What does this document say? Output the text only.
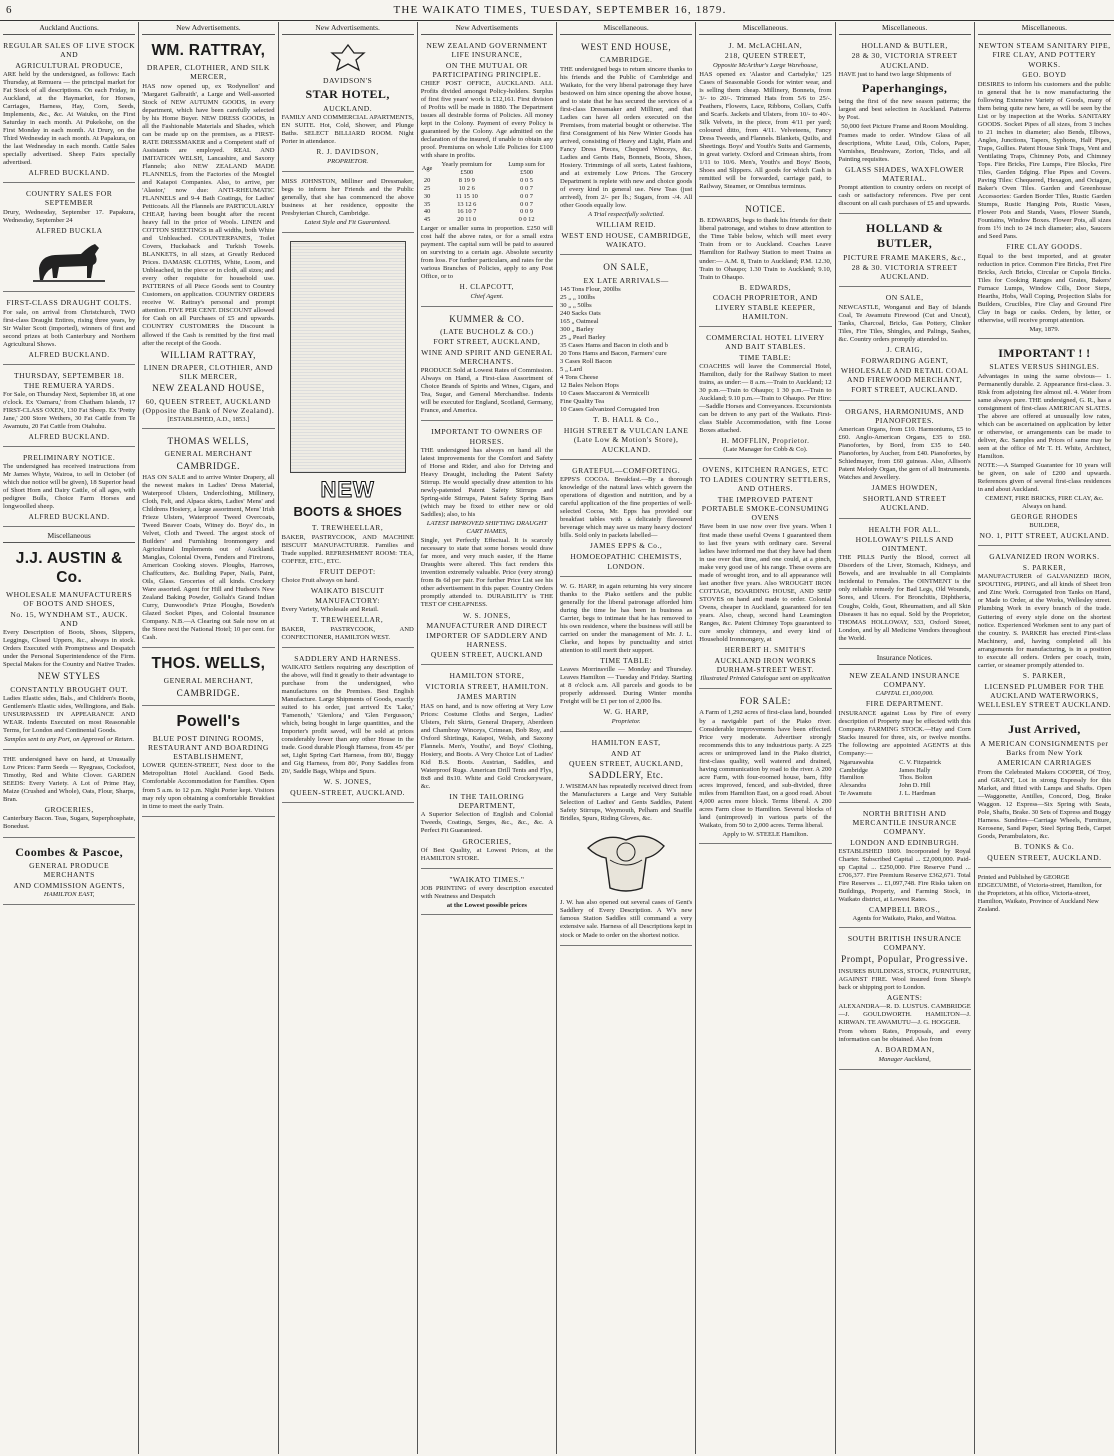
6	THE WAIKATO TIMES, TUESDAY, SEPTEMBER 16, 1879.
Auckland Auctions.
REGULAR SALES OF LIVE STOCK AND
AGRICULTURAL PRODUCE,

ARE held by the undersigned, as follows: Each Thursday, at Remuera — the principal market for Fat Stock of all descriptions. On each Friday, in Auckland, at the Haymarket, for Horses, Carriages, Harness, Hay, Corn, Seeds, Implements, &c., &c. At Waiuku, on the First Saturday in each month. At Pukekohe, on the First Monday in each month. At Drury, on the Third Wednesday in each month. At Papakura, on the last Wednesday in each month. Cattle Sales specially advertised. Sheep Fairs specially advertised.

ALFRED BUCKLAND.
COUNTRY SALES FOR SEPTEMBER

Drury, Wednesday, September 17. Papakura, Wednesday, September 24

ALFRED BUCKLA
FIRST-CLASS DRAUGHT COLTS.

For sale, on arrival from Christchurch, TWO first-class Draught Entires, rising three years, by Sir Walter Scott (imported), winners of first and second prizes at both Canterbury and Northern Agricultural Shows.

ALFRED BUCKLAND.
THURSDAY, SEPTEMBER 18.
THE REMUERA YARDS.

For Sale, on Thursday Next, September 18, at one o'clock. Ex 'Oamaru,' from Chatham Islands, 17 FIRST-CLASS OXEN, 130 Fat Sheep. Ex 'Pretty Jane,' 200 Store Wethers, 30 Fat Cattle from Te Awamutu, 20 Fat Cattle from Otahuhu.

ALFRED BUCKLAND.
PRELIMINARY NOTICE.

The undersigned has received instructions from Mr James Whyte, Wairoa, to sell in October (of which due notice will be given), 18 Superior head of Short Horn and Dairy Cattle, of all ages, with pedigree Bulls, Choice Farm Horses and longwoolled sheep.

ALFRED BUCKLAND.
Miscellaneous
J.J. AUSTIN & Co.
WHOLESALE MANUFACTURERS OF BOOTS AND SHOES,
No. 15, WYNDHAM ST., AUCK. AND

Every Description of Boots, Shoes, Slippers, Leggings, Closed Uppers, &c., always in stock. Orders Executed with Promptness and Despatch under the Personal Superintendence of the Firm. Special Makes for the Country and Native Trades.

NEW STYLES
CONSTANTLY BROUGHT OUT.

Ladies Elastic sides, Bals., and Children's Boots, Gentlemen's Elastic sides, Wellingtons, and Bals. UNSURPASSED IN APPEARANCE AND WEAR. Indents Executed on most Reasonable Terms, for London and Continental Goods.

Samples sent to any Port, on Approval or Return.

THE undersigned have on hand, at Unusually Low Prices: Farm Seeds — Ryegrass, Cocksfoot, Timothy, Red and White Clover. GARDEN SEEDS: Every Variety. A Lot of Prime Hay, Maize (Crushed and Whole), Oats, Flour, Sharps, Bran.

GROCERIES,

Canterbury Bacon. Teas, Sugars, Superphosphate, Bonedust.

Coombes & Pascoe,
GENERAL PRODUCE MERCHANTS
AND COMMISSION AGENTS,
HAMILTON EAST,
New Advertisements.
WM. RATTRAY,
DRAPER, CLOTHIER, AND SILK MERCER,

HAS now opened up, ex 'Rodynellon' and 'Margaret Galbraith', a Large and Well-assorted Stock of NEW AUTUMN GOODS, in every department, which have been carefully selected by his Home Buyer. NEW DRESS GOODS, in all the Fashionable Materials and Shades, which can be made up on the premises, as a FIRST-RATE DRESSMAKER and a Competent staff of Assistants are employed. REAL AND IMITATION WELSH, Lancashire, and Saxony Flannels; also NEW ZEALAND MADE FLANNELS, from the Factories of the Mosgiel and Kaiapoi Companies. Also, to arrive, per 'Alastor,' now due: ANTI-RHEUMATIC FLANNELS and 9-4 Bath Coatings, for Ladies' Petticoats. All the Flannels are PARTICULARLY CHEAP, having been bought after the recent heavy fall in the price of Wools. LINEN and COTTON SHEETINGS in all widths, both White and Unbleached. COUNTERPANES, Toilet Covers, Huckaback and Turkish Towels. BLANKETS, in all sizes, at Greatly Reduced Prices. DAMASK CLOTHS, White, Loom, and Unbleached, in the piece or in cloth, all sizes; and every other requisite for household use. PATTERNS of all Piece Goods sent to Country Customers, on application. COUNTRY ORDERS receive W. Rattray's personal and prompt attention. FIVE PER CENT. DISCOUNT allowed for Cash on all Purchases of £5 and upwards. COUNTRY CUSTOMERS the Discount is allowed if the Cash is remitted by the first mail after the receipt of the Goods.

WILLIAM RATTRAY,
LINEN DRAPER, CLOTHIER, AND SILK MERCER,
NEW ZEALAND HOUSE,
60, QUEEN STREET, AUCKLAND (Opposite the Bank of New Zealand).
[ESTABLISHED, A.D., 1853.]
THOMAS WELLS,
GENERAL MERCHANT
CAMBRIDGE.

HAS ON SALE and to arrive Winter Drapery, all the newest makes in Ladies' Dress Material, Waterproof Ulsters, Underclothing, Millinery, Cloth, Felt, and Alpaca skirts, Ladies' Mens' and Childrens Hosiery, a large assortment, Mens' Irish Frieze Ulsters, Waterproof Tweed Overcoats, Tweed Beaver Coats, Witney do. Boys' do., in Velvet, Cloth and Tweed. The argest stock of Builders' and Furnishing Ironmongery and Agricultural Implements out of Auckland. Manglas, Colonial Ovens, Fenders and Fireirons, American Cooking stoves. Ploughs, Harrows, Chaffcutters, &c. Building Paper, Nails, Paint, Oils, Glass. Groceries of all kinds. Crockery Ware assorted. Agent for Hill and Hudson's New Zealand Baking Powder, Goliah's Grand Indian Curry, Dunwoodie's Prize Ploughs, Bowden's Glazed Socket Pipes, and Colonial Insurance Company. N.B.—A Clearing out Sale now on at the Store next the National Hotel; 10 per cent. for Cash.

THOS. WELLS,
GENERAL MERCHANT,
CAMBRIDGE.
Powell's
BLUE POST DINING ROOMS, RESTAURANT AND BOARDING ESTABLISHMENT,

LOWER QUEEN-STREET, Next door to the Metropolitan Hotel Auckland. Good Beds. Comfortable Accommodation for Families. Open from 5 a.m. to 12 p.m. Night Porter kept. Visitors may rely upon obtaining a comfortable Breakfast in time to meet the early Train.

New Advertisements.
DAVIDSON'S
STAR HOTEL,
AUCKLAND.

FAMILY AND COMMERCIAL APARTMENTS, EN SUITE. Hot, Cold, Shower, and Plunge Baths. SELECT BILLIARD ROOM. Night Porter in attendance.

R. J. DAVIDSON,
PROPRIETOR.

MISS JOHNSTON, Milliner and Dressmaker, begs to inform her Friends and the Public generally, that she has commenced the above business at her residence, opposite the Presbyterian Church, Cambridge.

Latest Style and Fit Guaranteed.
NEW
BOOTS & SHOES
T. TREWHEELLAR,

BAKER, PASTRYCOOK, AND MACHINE BISCUIT MANUFACTURER. Families and Trade supplied. REFRESHMENT ROOM: TEA, COFFEE, ETC., ETC.

FRUIT DEPOT:

Choice Fruit always on hand.

WAIKATO BISCUIT MANUFACTORY:

Every Variety, Wholesale and Retail.

T. TREWHEELLAR,

BAKER, PASTRYCOOK, AND CONFECTIONER, HAMILTON WEST.

SADDLERY AND HARNESS.

WAIKATO Settlers requiring any description of the above, will find it greatly to their advantage to purchase from the undersigned, who manufactures on the Premises. Best English Manufacture. Large Shipments of Goods, exactly suited to his order, just arrived Ex 'Lake,' 'Famenoth,' 'Gienlora,' and 'Glen Fergusson,' which, being bought in large quantities, and the Importer's profit saved, will be sold at prices considerably lower than any other House in the trade. Good durable Plough Harness, from 45/ per set, Light Spring Cart Harness, from 80/, Buggy and Gig Harness, from 80/, Pony Saddles from 20/, Saddle Bags, Whips and Spurs.

W. S. JONES,
QUEEN-STREET, AUCKLAND.
New Advertisements
NEW ZEALAND GOVERNMENT LIFE INSURANCE,
ON THE MUTUAL OR PARTICIPATING PRINCIPLE.

CHIEF POST OFFICE, AUCKLAND. ALL Profits divided amongst Policy-holders. Surplus of first five years' work is £12,161. First division of Profits will be made in 1880. The Department issues all desirable forms of Policies. All money kept in the Colony. Payment of every Policy is guaranteed by the Colony. Age admitted on the declaration of the insured, if unable to obtain any proof. Premiums on whole Life Policies for £100 with share in profits.

Age	Yearly premium for £500	Lump sum for £500
20	8 19 9	0 0 5
25	10 2 6	0 0 7
30	11 15 10	0 0 7
35	13 12 6	0 0 7
40	16 10 7	0 0 9
45	20 11 0	0 0 12

Larger or smaller sums in proportion. £250 will cost half the above rates, or for a small extra payment. The capital sum will be paid to assured on surviving to a certain age. Absolute security from loss. For further particulars, and rates for the various Branches of Policies, apply to any Post Office, or to

H. CLAPCOTT,
Chief Agent.
KUMMER & CO.
(LATE BUCHOLZ & CO.)
FORT STREET, AUCKLAND,
WINE AND SPIRIT AND GENERAL MERCHANTS.

PRODUCE Sold at Lowest Rates of Commission. Always on Hand, a First-class Assortment of Choice Brands of Spirits and Wines, Cigars, and Tea, Sugar, and General Merchandise. Indents will be executed for England, Scotland, Germany, France, and America.

IMPORTANT TO OWNERS OF HORSES.

THE undersigned has always on hand all the latest improvements for the Comfort and Safety of Horse and Rider, and also for Driving and Heavy Draught, including the Patent Safety Stirrup. He would specially draw attention to his newly-patented Patent Safety Stirrups and Spring-side Stirrups, Patent Safety Spring Bars (which may be fixed to either new or old Saddles); also, to his

LATEST IMPROVED SHIFTING DRAUGHT CART HAMES,

Single, yet Perfectly Effectual. It is scarcely necessary to state that some horses would draw far more, and very much easier, if the Hame Draughts were altered. This fact renders this invention extremely valuable. Price (very strong) from 8s 6d per pair. For further Price List see his other advertisement in this paper. Country Orders promptly attended to. DURABILITY is THE TEST OF CHEAPNESS.

W. S. JONES,
MANUFACTURER AND DIRECT IMPORTER OF SADDLERY AND HARNESS.
QUEEN STREET, AUCKLAND
HAMILTON STORE,
VICTORIA STREET, HAMILTON.
JAMES MARTIN

HAS on hand, and is now offering at Very Low Prices: Costume Cloths and Serges, Ladies' Ulsters, Felt Skirts, General Drapery, Aberdeen and Chambray Winceys, Crimean, Bob Roy, and Oxford Shirtings, Kaiapoi, Welsh, and Saxony Flannels. Men's, Youths', and Boys' Clothing, Hosiery, and Boots. A Very Choice Lot of Ladies' Kid B.S. Boots. Austrian, Saddles, and Waterproof Rugs. American Drill Tents and Flys, 8x8 and 8x10. White and Gold Crockeryware, &c.

IN THE TAILORING DEPARTMENT,

A Superior Selection of English and Colonial Tweeds, Coatings, Serges, &c., &c., &c. A Perfect Fit Guaranteed.

GROCERIES,

Of Best Quality, at Lowest Prices, at the HAMILTON STORE.

"WAIKATO TIMES."

JOB PRINTING of every description executed with Neatness and Despatch

at the Lowest possible prices
Miscellaneous.
WEST END HOUSE,
CAMBRIDGE.

THE undersigned begs to return sincere thanks to his friends and the Public of Cambridge and Waikato, for the very liberal patronage they have bestowed on him since opening the above house, and to state that he has secured the services of a first-class Dressmaker and Milliner, and that Ladies can have all orders executed on the Premises, from material bought or otherwise. The first Consignment of his New Winter Goods has arrived, consisting of Heavy and Light, Plain and Fancy Dress Pieces, Chequed Winceys, &c. Ladies and Gents Hats, Bonnets, Boots, Shoes, Hosiery. Trimmings of all sorts, Latest fashions, and at extremely Low Prices. The Grocery Department is replete with new and choice goods of every kind in general use. New Teas (just arrived), from 2/- per lb.; Sugars, from -/4. All other Goods equally low.

A Trial respectfully solicited.
WILLIAM REID.
WEST END HOUSE, CAMBRIDGE, WAIKATO.
ON SALE,
EX LATE ARRIVALS—
145 Tons Flour, 200lbs
25 „ „ 100lbs
30 „ „ 50lbs
240 Sacks Oats
165 „ Oatmeal
300 „ Barley
25 „ Pearl Barley
35 Cases Hams and Bacon in cloth and b
20 Tons Hams and Bacon, Farmers' cure
3 Cases Roll Bacon
5 „ Lard
4 Tons Cheese
12 Bales Nelson Hops
10 Cases Maccaroni & Vermicelli
Fine Quality Tea
10 Cases Galvanized Corrugated Iron
T. B. HALL & Co.,
HIGH STREET & VULCAN LANE (Late Low & Motion's Store), AUCKLAND.
GRATEFUL—COMFORTING.

EPPS'S COCOA. Breakfast.—By a thorough knowledge of the natural laws which govern the operations of digestion and nutrition, and by a careful application of the fine properties of well-selected Cocoa, Mr. Epps has provided our breakfast tables with a delicately flavoured beverage which may save us many heavy doctors' bills. Sold only in packets labelled—

JAMES EPPS & Co.,
HOMOEOPATHIC CHEMISTS, LONDON.

W. G. HARP, in again returning his very sincere thanks to the Piako settlers and the public generally for the liberal patronage afforded him during the time he has been in business as Carrier, begs to intimate that he has removed to his own residence, where the business will still be carried on under the management of Mr. J. L. Clarke, and hopes by punctuality and strict attention to still merit their support.

TIME TABLE:

Leaves Morrinsville — Monday and Thursday. Leaves Hamilton — Tuesday and Friday. Starting at 8 o'clock a.m. All parcels and goods to be properly addressed. During Winter months Freight will be £1 per ton of 2,000 lbs.

W. G. HARP,
Proprietor.
HAMILTON EAST,
AND AT
QUEEN STREET, AUCKLAND,
SADDLERY, Etc.

J. WISEMAN has repeatedly received direct from the Manufacturers a Large and Very Suitable Selection of Ladies' and Gents Saddles, Patent Safety Stirrups, Weymouth, Pelham and Snaffle Bridles, Spurs, Riding Gloves, &c.

J. W. has also opened out several cases of Gent's Saddlery of Every Description. A W's new famous Station Saddles still command a very extensive sale. Harness of all Descriptions kept in stock or Made to order on the shortest notice.

Miscellaneous.
J. M. McLACHLAN,
218, QUEEN STREET,
Opposite McArthur's Large Warehouse,

HAS opened ex 'Alastor and Cartsdyke,' 125 Cases of Seasonable Goods for winter wear, and is selling them cheap. Millinery, Bonnets, from 3/- to 20/-. Trimmed Hats from 5/6 to 25/-. Feathers, Flowers, Lace, Ribbons, Collars, Cuffs and Scarfs. Jackets and Ulsters, from 10/- to 40/-. Silk Velvets, in the piece, from 4/11 per yard; coloured ditto, from 4/11. Velveteens, Fancy Dress Tweeds, and Flannels. Blankets, Quilts, and Sheetings. Boys' and Youth's Suits and Garments, in great variety. Oxford and Crimean shirts, from 1/11 to 10/6. Men's, Youth's and Boys' Boots, Shoes and Slippers. All goods for which Cash is remitted will be forwarded, carriage paid, to Railway, Steamer, or Omnibus terminus.

NOTICE.

B. EDWARDS, begs to thank his friends for their liberal patronage, and wishes to draw attention to the Time Table below, which will meet every Train from or to Auckland. Coaches Leave Hamilton for Railway Station to meet Trains as under:— A.M. 8, Train to Auckland; P.M. 12.30, Train to Ohaupo; 1.30 Train to Auckland; 9.10, Train to Ohaupo.

B. EDWARDS,
COACH PROPRIETOR, AND LIVERY STABLE KEEPER, HAMILTON.
COMMERCIAL HOTEL LIVERY AND BAIT STABLES.
TIME TABLE:

COACHES will leave the Commercial Hotel, Hamilton, daily for the Railway Station to meet trains, as under:— 8 a.m.—Train to Auckland; 12 30 p.m.—Train to Ohaupo; 1 30 p.m.—Train to Auckland; 9.10 p.m.—Train to Ohaupo. Per Hire:—Saddle Horses and Conveyances. Excursionists can be driven to any part of the Waikato. First-class Stable Accommodation, with fine Loose Boxes attached.

H. MOFFLIN, Proprietor.
(Late Manager for Cobb & Co).
OVENS, KITCHEN RANGES, ETC
TO LADIES COUNTRY SETTLERS, AND OTHERS.
THE IMPROVED PATENT PORTABLE SMOKE-CONSUMING OVENS

Have been in use now over five years. When I first made these useful Ovens I guaranteed them to last five years with ordinary care. Several ladies have informed me that they have had them in use over that time, and one could, at a pinch, make very good use of his range. These ovens are made of wrought iron, and to all appearance will last another five years. Also WROUGHT IRON COTTAGE, BOARDING HOUSE, AND SHIP STOVES on hand and made to order. Colonial Ovens, cheaper in Auckland, guaranteed for ten years. Also, cheap, second hand Leamington Ranges, &c. Patent Chimney Tops guaranteed to cure smoky chimneys, and every kind of Household Ironmongery, at

HERBERT H. SMITH'S
AUCKLAND IRON WORKS DURHAM-STREET WEST.
Illustrated Printed Catalogue sent on application
FOR SALE:

A Farm of 1,292 acres of first-class land, bounded by a navigable part of the Piako river. Considerable improvements have been effected. Price very moderate. Advertiser strongly recommends this to any industrious party. A 225 acres or unimproved land in the Piako district, first-class quality, well watered and drained, having communication by road to the river. A 200 acre Farm, with four-roomed house, barn, fifty acres improved, fenced, and sub-divided, three miles from Hamilton East, on a good road. About 4,000 acres more block. Terms liberal. A 200 acres Farm close to Hamilton. Several blocks of land (unimproved) in various parts of the Waikato, from 50 to 2,000 acres. Terms liberal.

Apply to W. STEELE Hamilton.
Miscellaneous.
HOLLAND & BUTLER,
28 & 30, VICTORIA STREET AUCKLAND.

HAVE just to hand two large Shipments of

Paperhangings,

being the first of the new season patterns; the largest and best selection in Auckland. Patterns by Post.

50,000 feet Picture Frame and Room Moulding.

Frames made to order. Window Glass of all descriptions, White Lead, Oils, Colors, Paper, Varnishes, Brushware, Zorion, Ticks, and all Painting requisites.

GLASS SHADES, WAXFLOWER MATERIAL.

Prompt attention to country orders on receipt of cash or satisfactory references. Five per cent discount on all cash purchases of £5 and upwards.

HOLLAND & BUTLER,
PICTURE FRAME MAKERS, &c.,
28 & 30. VICTORIA STREET AUCKLAND.
ON SALE,

NEWCASTLE, Wonganui and Bay of Islands Coal, Te Awamutu Firewood (Cut and Uncut), Tanks, Charcoal, Bricks, Gas Pottery, Clinker Tiles, Fire Tiles, Shingles, and Palings, Sashes, &c. Country orders promptly attended to.

J. CRAIG,
FORWARDING AGENT,
WHOLESALE AND RETAIL COAL AND FIREWOOD MERCHANT,
FORT STREET, AUCKLAND.
ORGANS, HARMONIUMS, AND PIANOFORTES.

American Organs, from £10. Harmoniums, £5 to £60. Anglo-American Organs, £35 to £60. Pianofortes, by Bord, from £35 to £40. Pianofortes, by Aucher, from £40. Pianofortes, by Schiedmayer, from £60 guineas. Also, Allison's Patent Melody Organ, the gem of all Instruments. Watches and Jewellery.

JAMES HOWDEN,
SHORTLAND STREET AUCKLAND.
HEALTH FOR ALL.
HOLLOWAY'S PILLS AND OINTMENT.

THE PILLS Purify the Blood, correct all Disorders of the Liver, Stomach, Kidneys, and Bowels, and are invaluable in all Complaints incidental to Females. The OINTMENT is the only reliable remedy for Bad Legs, Old Wounds, Sores, and Ulcers. For Bronchitis, Diphtheria, Coughs, Colds, Gout, Rheumatism, and all Skin Diseases it has no equal. Sold by the Proprietor, THOMAS HOLLOWAY, 533, Oxford Street, London, and by all Medicine Vendors throughout the World.

Insurance Notices.
NEW ZEALAND INSURANCE COMPANY.
CAPITAL £1,000,000.
FIRE DEPARTMENT.

INSURANCE against Loss by Fire of every description of Property may be effected with this Company. FARMING STOCK.—Hay and Corn Stacks insured for three, six, or twelve months. The following are appointed AGENTS at this Company:—

Ngaruawahia	C. V. Fitzpatrick
Cambridge	James Hally
Hamilton	Thos. Bolton
Alexandra	John D. Hill
Te Awamutu	J. L. Hardman
NORTH BRITISH AND MERCANTILE INSURANCE COMPANY.
LONDON AND EDINBURGH.

ESTABLISHED 1809. Incorporated by Royal Charter. Subscribed Capital ... £2,000,000. Paid-up Capital ... £250,000. Fire Reserve Fund ... £706,377. Fire Premium Reserve £362,671. Total Fire Reserves ... £1,097,748. Fire Risks taken on Buildings, Property, and Farming Stock, in Waikato district, at Lowest Rates.

CAMPBELL BROS.,
Agents for Waikato, Piako, and Waitoa.
SOUTH BRITISH INSURANCE COMPANY.
Prompt, Popular, Progressive.

INSURES BUILDINGS, STOCK, FURNITURE, AGAINST FIRE. Wool insured from Sheep's back or shipping port to London.

AGENTS:

ALEXANDRA—R. D. LUSTUS. CAMBRIDGE—J. GOULDWORTH. HAMILTON—J. KIRWAN. TE AWAMUTU—J. G. HOGGER.

From whom Rates, Proposals, and every information can be obtained. Also from

A. BOARDMAN,
Manager Auckland,
Miscellaneous.
NEWTON STEAM SANITARY PIPE, FIRE CLAY, AND POTTERY WORKS.
GEO. BOYD

DESIRES to inform his customers and the public in general that he is now manufacturing the following Extensive Variety of Goods, many of them being quite new here, as will be seen by the List or by inspection at the Works. SANITARY GOODS. Socket Pipes of all sizes, from 3 inches to 21 inches in diameter; also Bends, Elbows, Angles, Junctions, Tapers, Syphons, Half Pipes, Traps, Gullies. Patent House Sink Traps, Vent and Ventilating Traps, Chimney Pots, and Chimney Tops. Fire Bricks, Fire Lumps, Fire Blocks, Fire Tiles, Garden Edging. Flue Pipes and Covers. Paving Tiles: Chequered, Hexagon, and Octagon, Baker's Oven Tiles. Garden and Greenhouse Accessories: Garden Border Tiles, Rustic Garden Stumps, Rustic Hanging Pots, Rustic Vases, Flower Pots and Stands, Vases, Flower Stands, Fountains, Window Boxes. Flower Pots, all sizes from 1½ inch to 24 inch diameter; also, Saucers and Seed Pans.

FIRE CLAY GOODS.

Equal to the best imported, and at greater reduction in price. Common Fire Bricks, Fret Fire Bricks, Arch Bricks, Circular or Cupola Bricks. Tiles for Cooking Ranges and Grates, Bakers' Furnace Lumps, Window Cills, Door Steps, Hearths, Hobs, Wall Coping, Projection Slabs for Builders, Crucibles, Fire Clay and Ground Fire Clay in bags or casks. Orders, by letter, or otherwise, will receive prompt attention.

May, 1879.
IMPORTANT ! !
SLATES VERSUS SHINGLES.

Advantages in using the same obvious— 1. Permanently durable. 2. Appearance first-class. 3. Risk from adjoining fire almost nil. 4. Water from same always pure. THE undersigned, G. R., has a consignment of first-class AMERICAN SLATES. The above are offered at unusually low rates, which can be ascertained on application by letter or otherwise, or arrangements can be made to deliver, &c. Samples and Prices of same may be seen at the office of Mr T. H. White, Architect, Hamilton.

NOTE:—A Stamped Guarantee for 10 years will be given, on sale of £200 and upwards. References given of several first-class residences in and about Auckland.

CEMENT, FIRE BRICKS, FIRE CLAY, &c. Always on hand.
GEORGE RHODES
BUILDER,
NO. 1, PITT STREET, AUCKLAND.
GALVANIZED IRON WORKS.
S. PARKER,

MANUFACTURER of GALVANIZED IRON, SPOUTING, PIPING, and all kinds of Sheet Iron and Zinc Work. Corrugated Iron Tanks on Hand, or Made to Order, at the Works, Wellesley street. Plumbing Work in every branch of the trade. Guttering of every style done on the shortest notice. Experienced Workmen sent to any part of the country. S. PARKER has erected First-class Machinery, and, having completed all his arrangements for manufacturing, is in a position to execute all orders. Orders per coach, train, carrier, or steamer promptly attended to.

S. PARKER,
LICENSED PLUMBER FOR THE AUCKLAND WATERWORKS, WELLESLEY STREET AUCKLAND.
Just Arrived,
A MERICAN CONSIGNMENTS per Barks from New York
AMERICAN CARRIAGES

From the Celebrated Makers COOPER, Of Troy, and GRANT, Lot in strong Expressly for this Market, and fitted with Lamps and Shafts. Open—Waggonette, Antilles, Concord, Dog, Brake Waggon. 12 Express—Six Spring with Seats, Pole, Shafts, Brake. 30 Sets of Express and Buggy Harness. Sundries—Carriage Wheels, Furniture, Kerosene, Sand Paper, Steel Spring Beds, Carpet Goods, Perambulators, &c.

B. TONKS & Co.
QUEEN STREET, AUCKLAND.

Printed and Published by GEORGE EDGECUMBE, of Victoria-street, Hamilton, for the Proprietors, at his office, Victoria-street, Hamilton, Waikato, Province of Auckland New Zealand.
